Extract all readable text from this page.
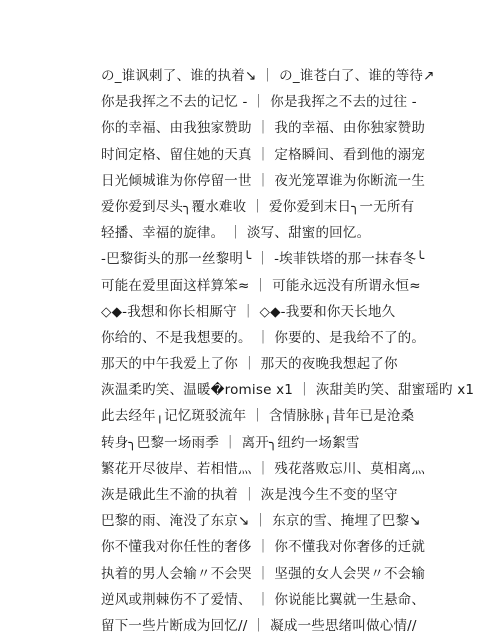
の_谁讽刺了、谁的执着↘ ｜ の_谁苍白了、谁的等待↗
你是我挥之不去的记忆 - ｜ 你是我挥之不去的过往 -
你的幸福、由我独家赞助 ｜ 我的幸福、由你独家赞助
时间定格、留住她的天真 ｜ 定格瞬间、看到他的溺宠
日光倾城谁为你停留一世 ｜ 夜光笼罩谁为你断流一生
爱你爱到尽头╮覆水难收 ｜ 爱你爱到末日╮一无所有
轻播、幸福的旋律。 ｜ 淡写、甜蜜的回忆。
-巴黎街头的那一丝黎明╰ ｜ -埃菲铁塔的那一抹春冬╰
可能在爱里面这样算笨≈ ｜ 可能永远没有所谓永恒≈
◇◆-我想和你长相厮守 ｜ ◇◆-我要和你天长地久
你给的、不是我想要的。 ｜ 你要的、是我给不了的。
那天的中午我爱上了你 ｜ 那天的夜晚我想起了你
洃温柔旳笑、温暖�romise x1 ｜ 洃甜美旳笑、甜蜜瑶旳 x1
此去经年╷记忆斑驳流年 ｜ 含情脉脉╷昔年已是沧桑
转身╮巴黎一场雨季 ｜ 离开╮纽约一场絮雪
繁花开尽彼岸、若相惜灬 ｜ 残花落败忘川、莫相离灬
洃是硪此生不渝的执着 ｜ 洃是洩今生不变的坚守
巴黎的雨、淹没了东京↘ ｜ 东京的雪、掩埋了巴黎↘
你不懂我对你任性的奢侈 ｜ 你不懂我对你奢侈的迁就
执着的男人会输〃不会哭 ｜ 坚强的女人会哭〃不会输
逆风或荆棘伤不了爱情、 ｜ 你说能比翼就一生悬命、
留下一些片断成为回忆// ｜ 凝成一些思绪叫做心情//
